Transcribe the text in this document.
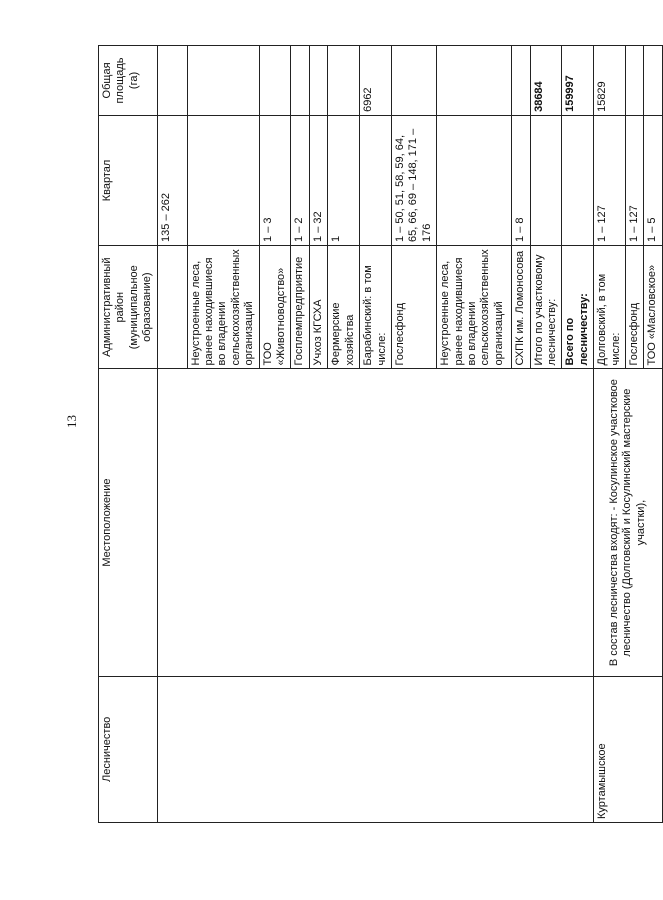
13
Лесничество	Местоположение	Административный район (муниципальное образование)	Квартал	Общая площадь (га)
			135 – 262	
		Неустроенные леса, ранее находившиеся во владении сельскохозяйственных организаций		
		ТОО «Животноводство»	1 – 3	
		Госплемпредприятие	1 – 2	
		Учхоз КГСХА	1 – 32	
		Фермерские хозяйства	1	
		Барабинский: в том числе:		6962
		Гослесфонд	1 – 50, 51, 58, 59, 64, 65, 66, 69 – 148, 171 – 176	
		Неустроенные леса, ранее находившиеся во владении сельскохозяйственных организаций		
		СХПК им. Ломоносова	1 – 8	
		Итого по участковому лесничеству:		38684
		Всего по лесничеству:		159997
Куртамышское	В состав лесничества входят: - Косулинское участковое лесничество (Долговский и Косулинский мастерские участки),	Долговский, в том числе:	1 – 127	15829
		Гослесфонд	1 – 127	
		ТОО «Масловское»	1 – 5	
